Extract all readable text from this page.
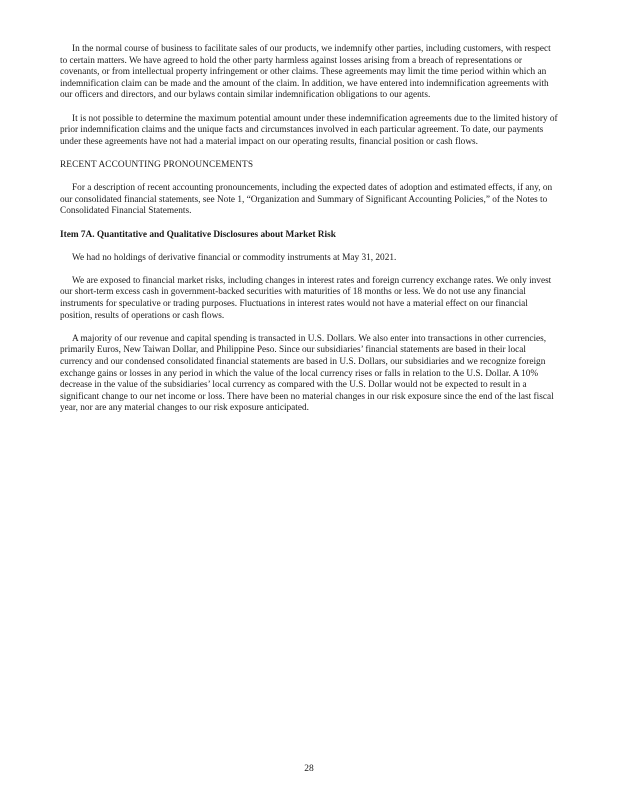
In the normal course of business to facilitate sales of our products, we indemnify other parties, including customers, with respect to certain matters. We have agreed to hold the other party harmless against losses arising from a breach of representations or covenants, or from intellectual property infringement or other claims. These agreements may limit the time period within which an indemnification claim can be made and the amount of the claim. In addition, we have entered into indemnification agreements with our officers and directors, and our bylaws contain similar indemnification obligations to our agents.

It is not possible to determine the maximum potential amount under these indemnification agreements due to the limited history of prior indemnification claims and the unique facts and circumstances involved in each particular agreement. To date, our payments under these agreements have not had a material impact on our operating results, financial position or cash flows.

RECENT ACCOUNTING PRONOUNCEMENTS

For a description of recent accounting pronouncements, including the expected dates of adoption and estimated effects, if any, on our consolidated financial statements, see Note 1, “Organization and Summary of Significant Accounting Policies,” of the Notes to Consolidated Financial Statements.

Item 7A. Quantitative and Qualitative Disclosures about Market Risk

We had no holdings of derivative financial or commodity instruments at May 31, 2021.

We are exposed to financial market risks, including changes in interest rates and foreign currency exchange rates. We only invest our short-term excess cash in government-backed securities with maturities of 18 months or less. We do not use any financial instruments for speculative or trading purposes. Fluctuations in interest rates would not have a material effect on our financial position, results of operations or cash flows.

A majority of our revenue and capital spending is transacted in U.S. Dollars. We also enter into transactions in other currencies, primarily Euros, New Taiwan Dollar, and Philippine Peso. Since our subsidiaries’ financial statements are based in their local currency and our condensed consolidated financial statements are based in U.S. Dollars, our subsidiaries and we recognize foreign exchange gains or losses in any period in which the value of the local currency rises or falls in relation to the U.S. Dollar. A 10% decrease in the value of the subsidiaries’ local currency as compared with the U.S. Dollar would not be expected to result in a significant change to our net income or loss. There have been no material changes in our risk exposure since the end of the last fiscal year, nor are any material changes to our risk exposure anticipated.

28
